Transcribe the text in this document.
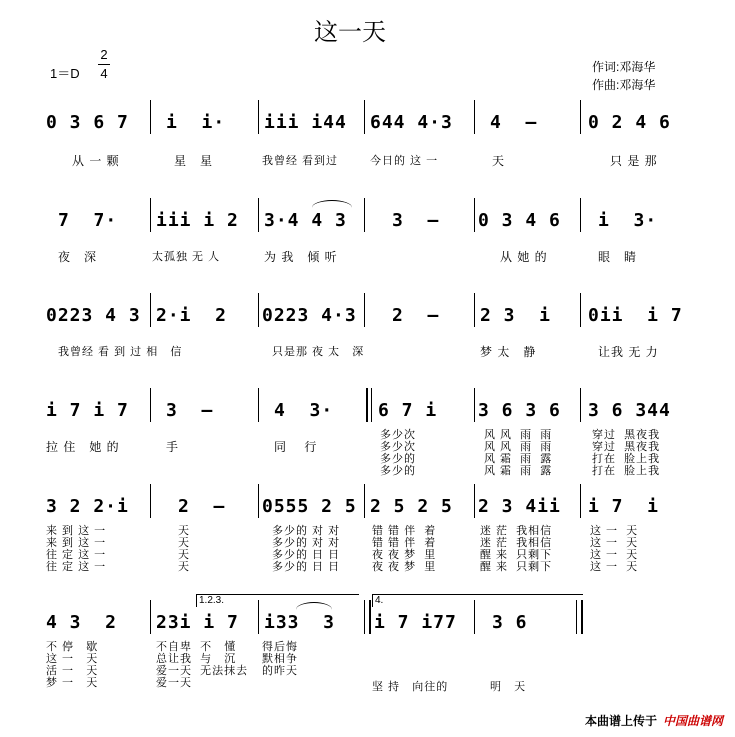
这一天
1＝D
2
4	作词:邓海华
作曲:邓海华
0 3 6 7 i  i· iii i44 644 4·3 4  –	0 2 4 6
从 一 颗	星   星	我曾经 看到过	今日的 这 一	天	只 是 那
7  7· iii i 2 3·4 4 3	3  – 0 3 4 6 i  3·
夜   深	太孤独 无 人	为 我   倾 听	从 她 的	眼   睛
0223 4 3 2·i  2 0223 4·3 2  – 2 3  i 0ii  i 7
我曾经 看 到 过 相   信	只是那 夜 太   深	梦 太   静	让我 无 力
i 7 i 7 3  –	4  3· 6 7 i 3 6 3 6 3 6 344
拉 住   她 的	手	同    行
多少次	风 风  雨  雨	穿过  黑夜我
多少次	风 风  雨  雨	穿过  黑夜我
多少的	风 霜  雨  露	打在  脸上我
多少的	风 霜  雨  露	打在  脸上我
3 2 2·i	2  – 0555 2 5 2 5 2 5 2 3 4ii i 7  i
来 到 这 一	天	多少的 对 对	错 错 伴  着	迷 茫  我相信	这 一  天
来 到 这 一	天	多少的 对 对	错 错 伴  着	迷 茫  我相信	这 一  天
往 定 这 一	天	多少的 日 日	夜 夜 梦  里	醒 来  只剩下	这 一  天
往 定 这 一	天	多少的 日 日	夜 夜 梦  里	醒 来  只剩下	这 一  天
1.2.3.	4.
4 3  2 23i i 7 i33  3 i 7 i77 3 6
不 停   歇	不自卑  不   懂 得后悔
这 一   天	总让我  与   沉 默相争
活 一   天	爱一天  无法抹去 的昨天
梦 一   天	爱一天	坚 持   向往的	明   天
本曲谱上传于 中国曲谱网
